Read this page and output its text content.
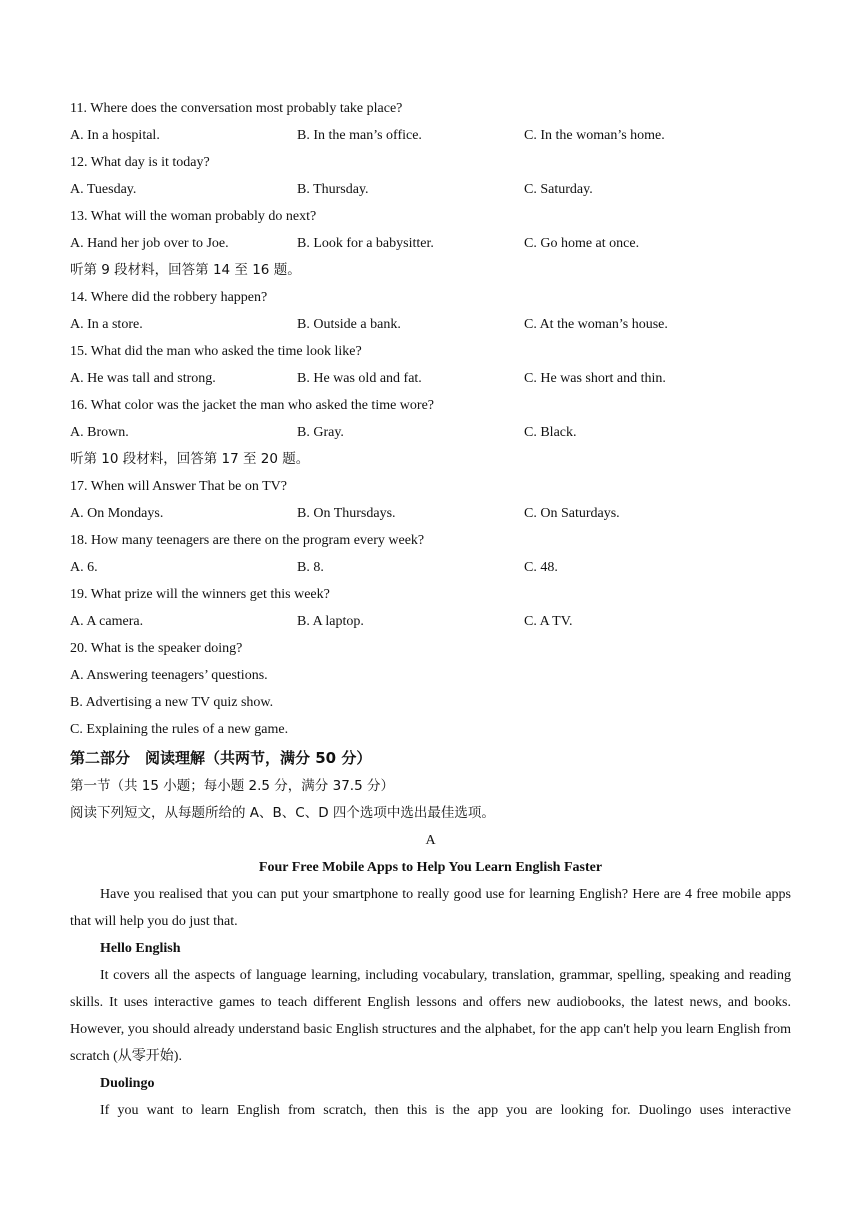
11. Where does the conversation most probably take place?
A. In a hospital.	B. In the man’s office.	C. In the woman’s home.
12. What day is it today?
A. Tuesday.	B. Thursday.	C. Saturday.
13. What will the woman probably do next?
A. Hand her job over to Joe.	B. Look for a babysitter.	C. Go home at once.
听第 9 段材料，回答第 14 至 16 题。
14. Where did the robbery happen?
A. In a store.	B. Outside a bank.	C. At the woman’s house.
15. What did the man who asked the time look like?
A. He was tall and strong.	B. He was old and fat.	C. He was short and thin.
16. What color was the jacket the man who asked the time wore?
A. Brown.	B. Gray.	C. Black.
听第 10 段材料，回答第 17 至 20 题。
17. When will Answer That be on TV?
A. On Mondays.	B. On Thursdays.	C. On Saturdays.
18. How many teenagers are there on the program every week?
A. 6.	B. 8.	C. 48.
19. What prize will the winners get this week?
A. A camera.	B. A laptop.	C. A TV.
20. What is the speaker doing?
A. Answering teenagers’ questions.
B. Advertising a new TV quiz show.
C. Explaining the rules of a new game.
第二部分　阅读理解（共两节，满分 50 分）
第一节（共 15 小题；每小题 2.5 分，满分 37.5 分）
阅读下列短文，从每题所给的 A、B、C、D 四个选项中选出最佳选项。
A
Four Free Mobile Apps to Help You Learn English Faster
Have you realised that you can put your smartphone to really good use for learning English? Here are 4 free mobile apps that will help you do just that.
Hello English
It covers all the aspects of language learning, including vocabulary, translation, grammar, spelling, speaking and reading skills. It uses interactive games to teach different English lessons and offers new audiobooks, the latest news, and books. However, you should already understand basic English structures and the alphabet, for the app can't help you learn English from scratch (从零开始).
Duolingo
If you want to learn English from scratch, then this is the app you are looking for. Duolingo uses interactive
